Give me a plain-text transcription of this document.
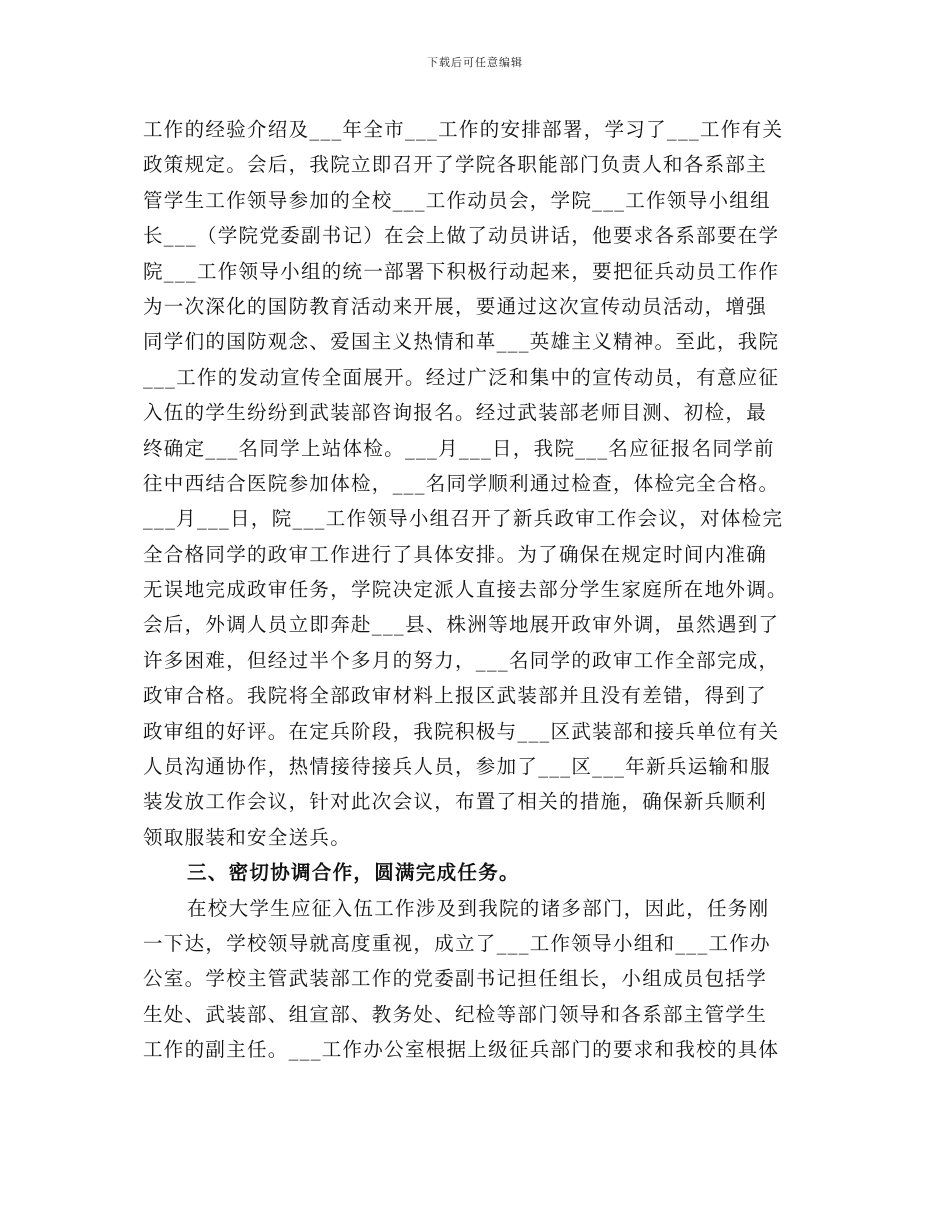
下载后可任意编辑
工作的经验介绍及___年全市___工作的安排部署，学习了___工作有关
政策规定。会后，我院立即召开了学院各职能部门负责人和各系部主
管学生工作领导参加的全校___工作动员会，学院___工作领导小组组
长___（学院党委副书记）在会上做了动员讲话，他要求各系部要在学
院___工作领导小组的统一部署下积极行动起来，要把征兵动员工作作
为一次深化的国防教育活动来开展，要通过这次宣传动员活动，增强
同学们的国防观念、爱国主义热情和革___英雄主义精神。至此，我院
___工作的发动宣传全面展开。经过广泛和集中的宣传动员，有意应征
入伍的学生纷纷到武装部咨询报名。经过武装部老师目测、初检，最
终确定___名同学上站体检。___月___日，我院___名应征报名同学前
往中西结合医院参加体检，___名同学顺利通过检查，体检完全合格。
___月___日，院___工作领导小组召开了新兵政审工作会议，对体检完
全合格同学的政审工作进行了具体安排。为了确保在规定时间内准确
无误地完成政审任务，学院决定派人直接去部分学生家庭所在地外调。
会后，外调人员立即奔赴___县、株洲等地展开政审外调，虽然遇到了
许多困难，但经过半个多月的努力，___名同学的政审工作全部完成，
政审合格。我院将全部政审材料上报区武装部并且没有差错，得到了
政审组的好评。在定兵阶段，我院积极与___区武装部和接兵单位有关
人员沟通协作，热情接待接兵人员，参加了___区___年新兵运输和服
装发放工作会议，针对此次会议，布置了相关的措施，确保新兵顺利
领取服装和安全送兵。
三、密切协调合作，圆满完成任务。
在校大学生应征入伍工作涉及到我院的诸多部门，因此，任务刚
一下达，学校领导就高度重视，成立了___工作领导小组和___工作办
公室。学校主管武装部工作的党委副书记担任组长，小组成员包括学
生处、武装部、组宣部、教务处、纪检等部门领导和各系部主管学生
工作的副主任。___工作办公室根据上级征兵部门的要求和我校的具体
